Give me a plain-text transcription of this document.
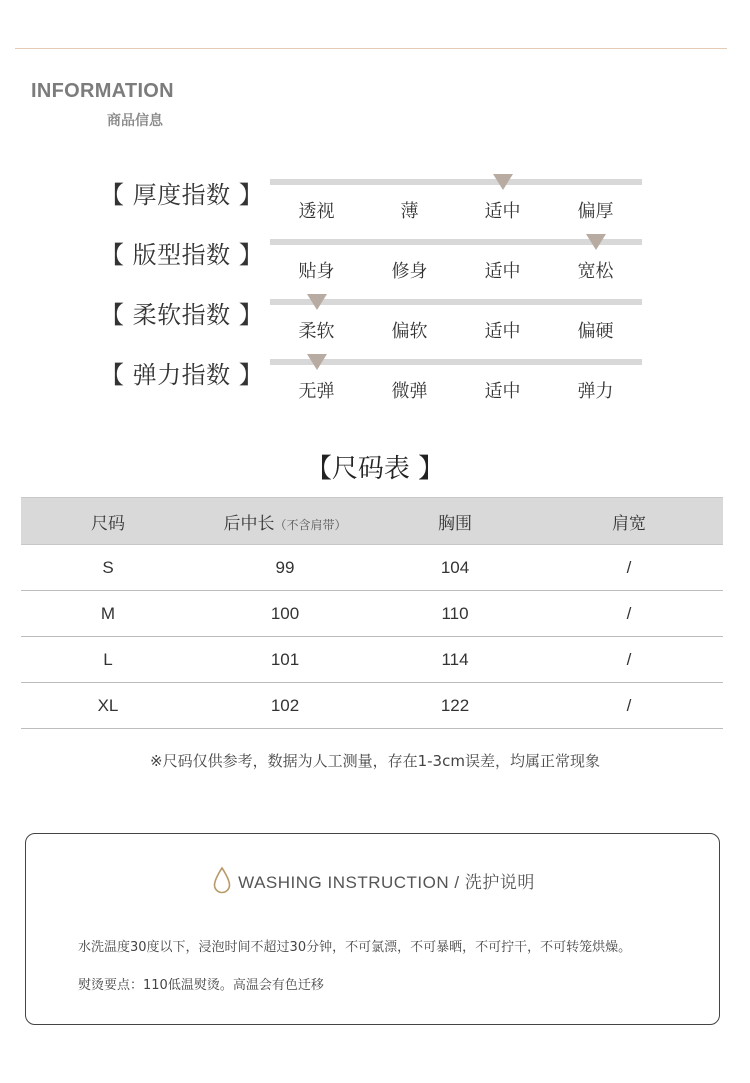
INFORMATION
商品信息
【 厚度指数 】
透视	薄	适中	偏厚
【 版型指数 】
贴身	修身	适中	宽松
【 柔软指数 】
柔软	偏软	适中	偏硬
【 弹力指数 】
无弹	微弹	适中	弹力
【尺码表 】
尺码	后中长（不含肩带）	胸围	肩宽
S	99	104	/
M	100	110	/
L	101	114	/
XL	102	122	/
※尺码仅供参考，数据为人工测量，存在1-3cm误差，均属正常现象
WASHING INSTRUCTION / 洗护说明
水洗温度30度以下，浸泡时间不超过30分钟，不可氯漂，不可暴晒，不可拧干，不可转笼烘燥。
熨烫要点：110低温熨烫。高温会有色迁移
